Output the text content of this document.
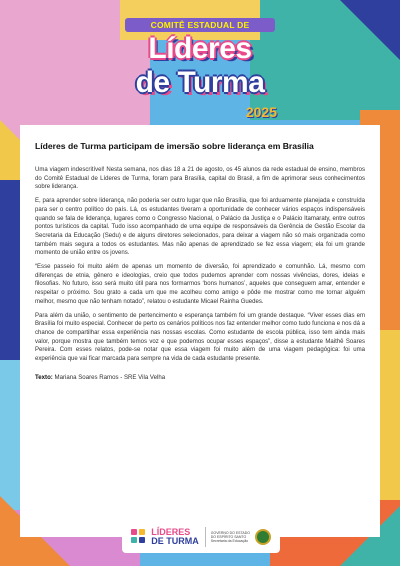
COMITÊ ESTADUAL DE
Líderes
de Turma
2025
Líderes de Turma participam de imersão sobre liderança em Brasília

Uma viagem indescritível! Nesta semana, nos dias 18 a 21 de agosto, os 45 alunos da rede estadual de ensino, membros do Comitê Estadual de Líderes de Turma, foram para Brasília, capital do Brasil, a fim de aprimorar seus conhecimentos sobre liderança.

E, para aprender sobre liderança, não poderia ser outro lugar que não Brasília, que foi arduamente planejada e construída para ser o centro político do país. Lá, os estudantes tiveram a oportunidade de conhecer vários espaços indispensáveis quando se fala de liderança, lugares como o Congresso Nacional, o Palácio da Justiça e o Palácio Itamaraty, entre outros pontos turísticos da capital. Tudo isso acompanhado de uma equipe de responsáveis da Gerência de Gestão Escolar da Secretaria da Educação (Sedu) e de alguns diretores selecionados, para deixar a viagem não só mais organizada como também mais segura a todos os estudantes. Mas não apenas de aprendizado se fez essa viagem; ela foi um grande momento de união entre os jovens.

“Esse passeio foi muito além de apenas um momento de diversão, foi aprendizado e comunhão. Lá, mesmo com diferenças de etnia, gênero e ideologias, creio que todos pudemos aprender com nossas vivências, dores, ideias e filosofias. No futuro, isso será muito útil para nos formarmos ‘bons humanos’, aqueles que conseguem amar, entender e respeitar o próximo. Sou grato a cada um que me acolheu como amigo e pôde me mostrar como me tornar alguém melhor, mesmo que não tenham notado”, relatou o estudante Micael Rainha Guedes.

Para além da união, o sentimento de pertencimento e esperança também foi um grande destaque. “Viver esses dias em Brasília foi muito especial. Conhecer de perto os cenários políticos nos faz entender melhor como tudo funciona e nos dá a chance de compartilhar essa experiência nas nossas escolas. Como estudante de escola pública, isso tem ainda mais valor, porque mostra que também temos voz e que podemos ocupar esses espaços”, disse a estudante Maithê Soares Pereira. Com esses relatos, pode-se notar que essa viagem foi muito além de uma viagem pedagógica: foi uma experiência que vai ficar marcada para sempre na vida de cada estudante presente.

Texto: Mariana Soares Ramos - SRE Vila Velha
LÍDERES
DE TURMA
GOVERNO DO ESTADO DO ESPÍRITO SANTO Secretaria da Educação
